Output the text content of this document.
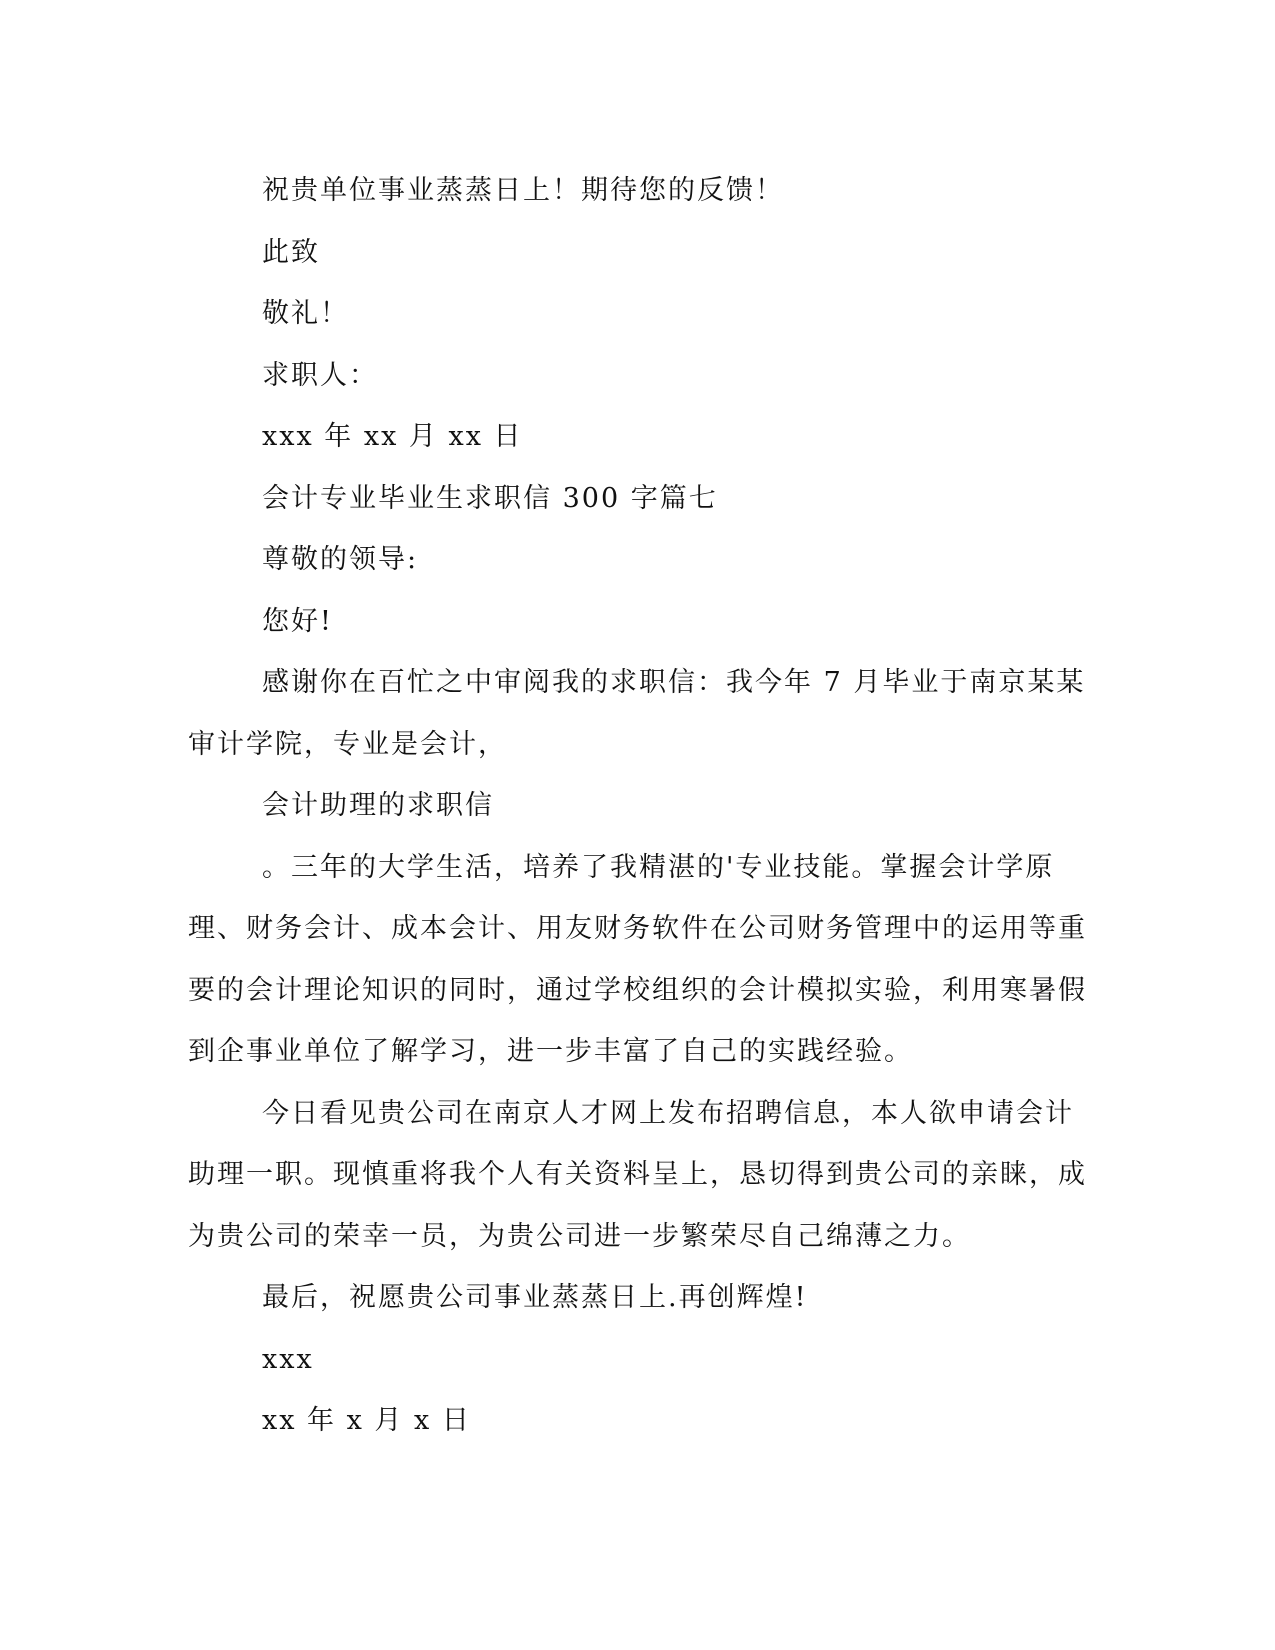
祝贵单位事业蒸蒸日上！期待您的反馈！

此致

敬礼！

求职人：

xxx 年 xx 月 xx 日

会计专业毕业生求职信 300 字篇七

尊敬的领导:

您好!

感谢你在百忙之中审阅我的求职信：我今年 7 月毕业于南京某某审计学院，专业是会计，

会计助理的求职信

。三年的大学生活，培养了我精湛的'专业技能。掌握会计学原理、财务会计、成本会计、用友财务软件在公司财务管理中的运用等重要的会计理论知识的同时，通过学校组织的会计模拟实验，利用寒暑假到企事业单位了解学习，进一步丰富了自己的实践经验。

今日看见贵公司在南京人才网上发布招聘信息，本人欲申请会计助理一职。现慎重将我个人有关资料呈上，恳切得到贵公司的亲睐，成为贵公司的荣幸一员，为贵公司进一步繁荣尽自己绵薄之力。

最后，祝愿贵公司事业蒸蒸日上.再创辉煌!

xxx

xx 年 x 月 x 日
